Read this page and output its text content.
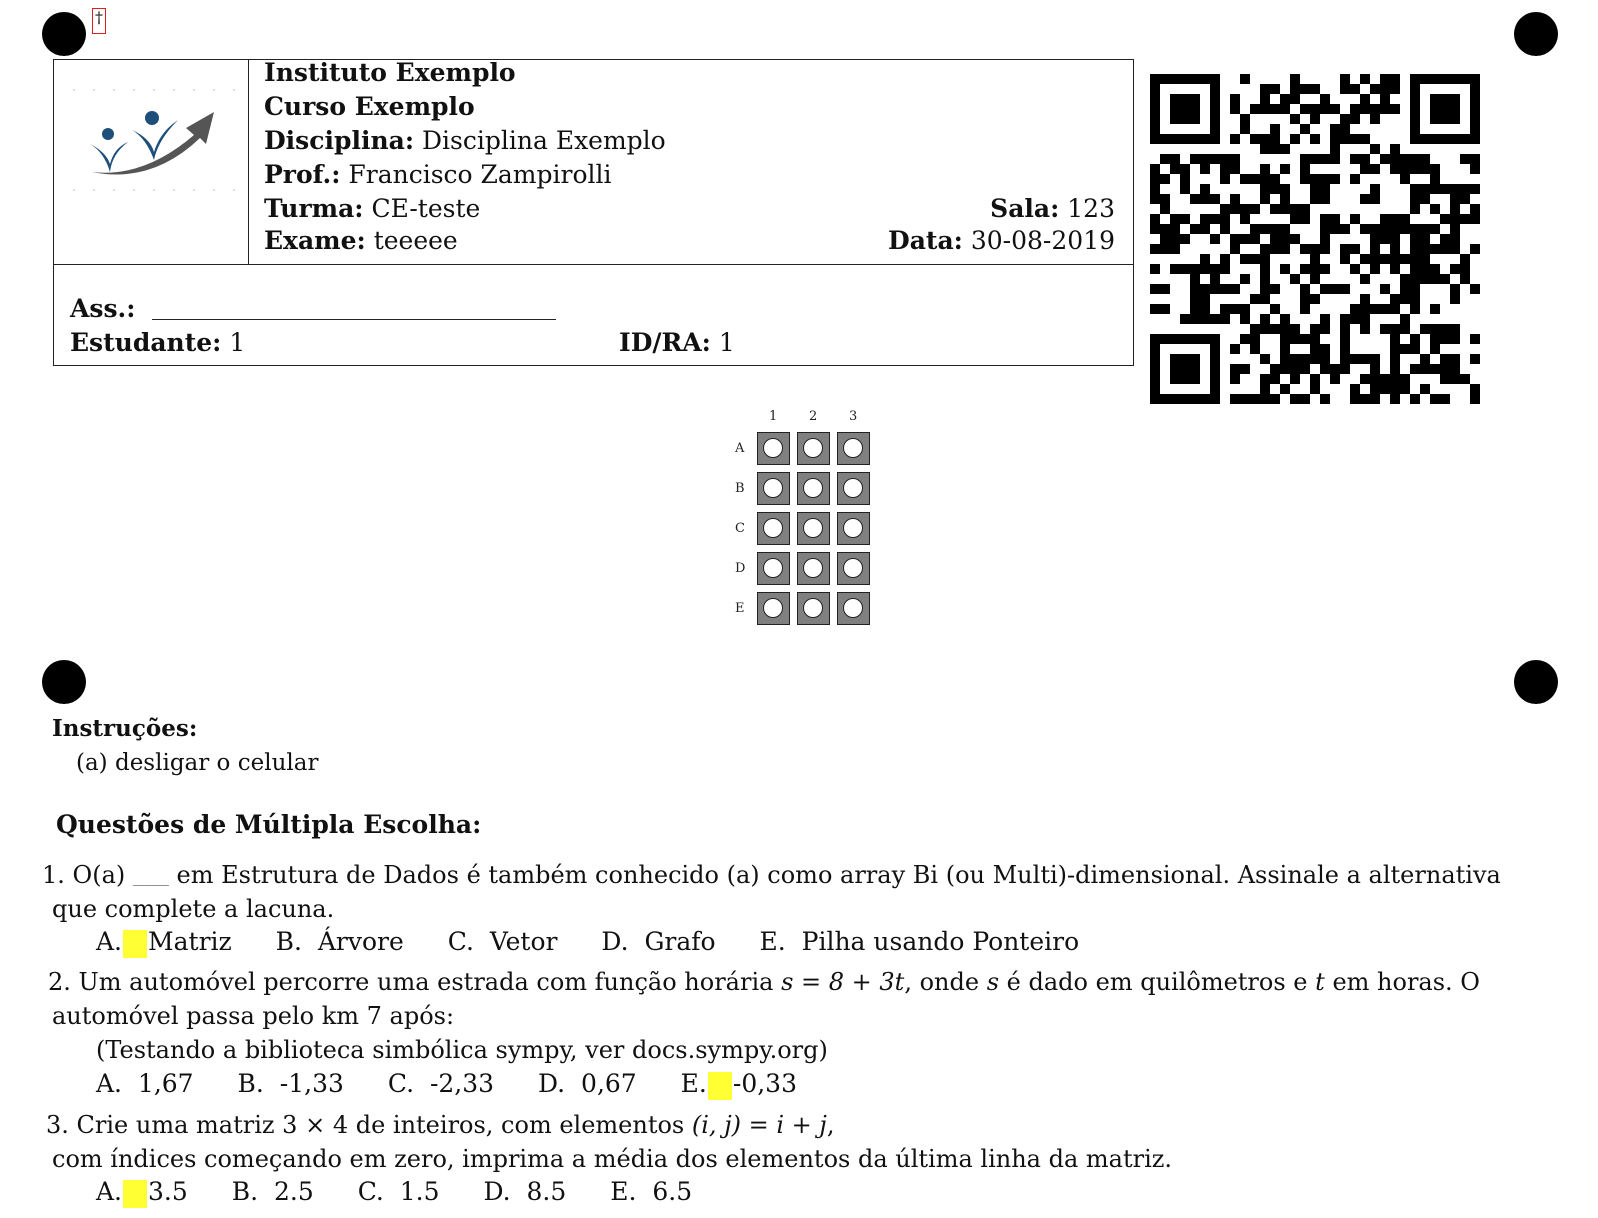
†
Instituto Exemplo
Curso Exemplo
Disciplina: Disciplina Exemplo
Prof.: Francisco Zampirolli
Turma: CE-teste	Sala: 123
Exame: teeeee	Data: 30-08-2019
Ass.:
Estudante: 1	ID/RA: 1
1 2 3
A
B
C
D
E
Instruções:
(a) desligar o celular
Questões de Múltipla Escolha:
1. O(a) ______ em Estrutura de Dados é também conhecido (a) como array Bi (ou Multi)-dimensional. Assinale a alternativa
que complete a lacuna.
A. Matriz B. Árvore C. Vetor D. Grafo E. Pilha usando Ponteiro
2. Um automóvel percorre uma estrada com função horária s = 8 + 3t, onde s é dado em quilômetros e t em horas. O
automóvel passa pelo km 7 após:
(Testando a biblioteca simbólica sympy, ver docs.sympy.org)
A. 1,67 B. -1,33 C. -2,33 D. 0,67 E. -0,33
3. Crie uma matriz 3 × 4 de inteiros, com elementos (i, j) = i + j,
com índices começando em zero, imprima a média dos elementos da última linha da matriz.
A. 3.5 B. 2.5 C. 1.5 D. 8.5 E. 6.5
